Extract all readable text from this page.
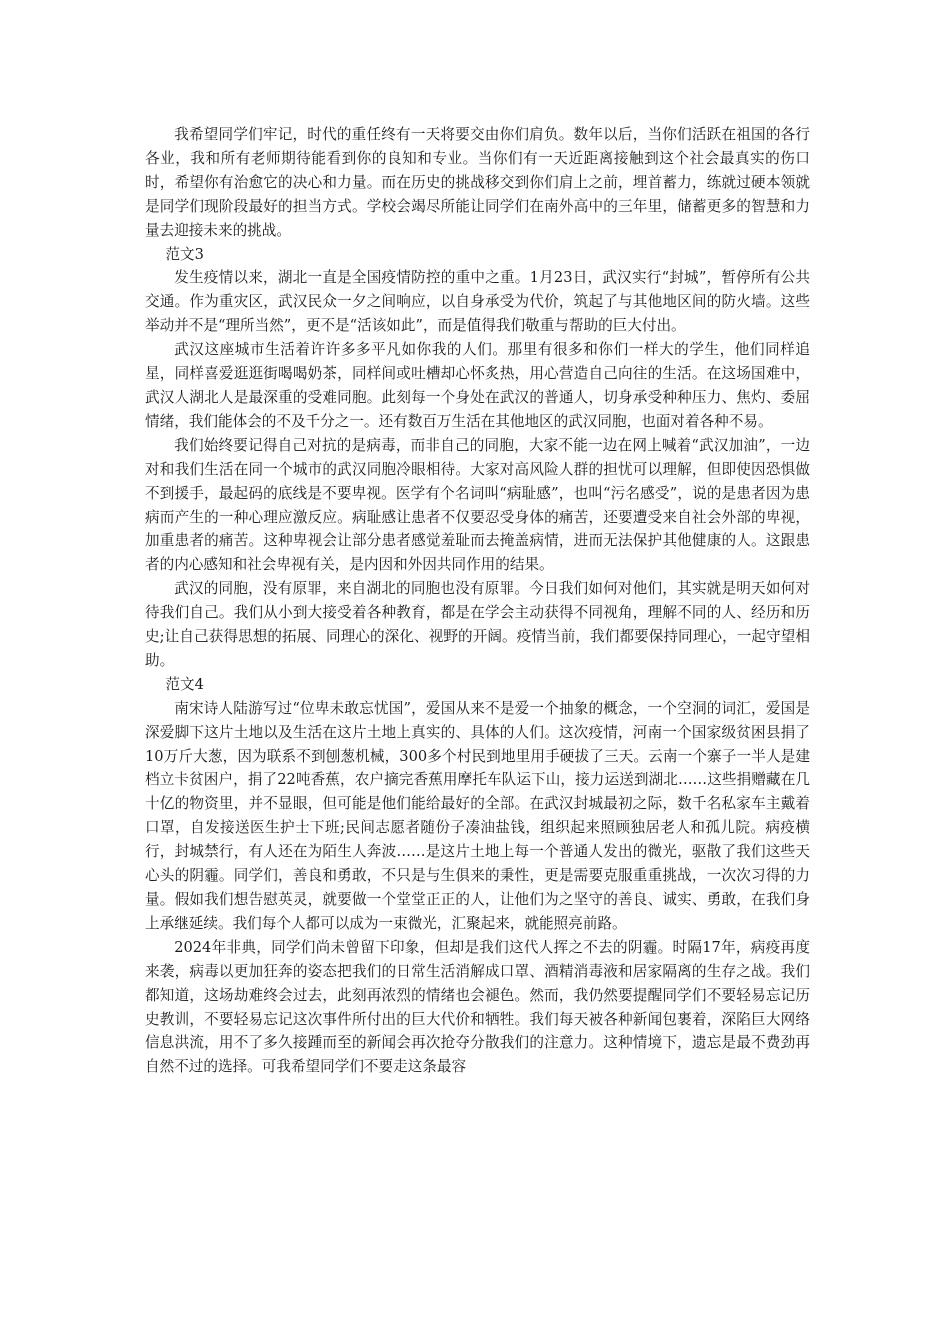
我希望同学们牢记，时代的重任终有一天将要交由你们肩负。数年以后，当你们活跃在祖国的各行各业，我和所有老师期待能看到你的良知和专业。当你们有一天近距离接触到这个社会最真实的伤口时，希望你有治愈它的决心和力量。而在历史的挑战移交到你们肩上之前，埋首蓄力，练就过硬本领就是同学们现阶段最好的担当方式。学校会竭尽所能让同学们在南外高中的三年里，储蓄更多的智慧和力量去迎接未来的挑战。

范文3

发生疫情以来，湖北一直是全国疫情防控的重中之重。1月23日，武汉实行“封城”，暂停所有公共交通。作为重灾区，武汉民众一夕之间响应，以自身承受为代价，筑起了与其他地区间的防火墙。这些举动并不是“理所当然”，更不是“活该如此”，而是值得我们敬重与帮助的巨大付出。

武汉这座城市生活着许许多多平凡如你我的人们。那里有很多和你们一样大的学生，他们同样追星，同样喜爱逛逛街喝喝奶茶，同样间或吐槽却心怀炙热，用心营造自己向往的生活。在这场国难中，武汉人湖北人是最深重的受难同胞。此刻每一个身处在武汉的普通人，切身承受种种压力、焦灼、委屈情绪，我们能体会的不及千分之一。还有数百万生活在其他地区的武汉同胞，也面对着各种不易。

我们始终要记得自己对抗的是病毒，而非自己的同胞，大家不能一边在网上喊着“武汉加油”，一边对和我们生活在同一个城市的武汉同胞冷眼相待。大家对高风险人群的担忧可以理解，但即使因恐惧做不到援手，最起码的底线是不要卑视。医学有个名词叫“病耻感”，也叫“污名感受”，说的是患者因为患病而产生的一种心理应激反应。病耻感让患者不仅要忍受身体的痛苦，还要遭受来自社会外部的卑视，加重患者的痛苦。这种卑视会让部分患者感觉羞耻而去掩盖病情，进而无法保护其他健康的人。这跟患者的内心感知和社会卑视有关，是内因和外因共同作用的结果。

武汉的同胞，没有原罪，来自湖北的同胞也没有原罪。今日我们如何对他们，其实就是明天如何对待我们自己。我们从小到大接受着各种教育，都是在学会主动获得不同视角，理解不同的人、经历和历史;让自己获得思想的拓展、同理心的深化、视野的开阔。疫情当前，我们都要保持同理心，一起守望相助。

范文4

南宋诗人陆游写过“位卑未敢忘忧国”，爱国从来不是爱一个抽象的概念，一个空洞的词汇，爱国是深爱脚下这片土地以及生活在这片土地上真实的、具体的人们。这次疫情，河南一个国家级贫困县捐了10万斤大葱，因为联系不到刨葱机械，300多个村民到地里用手硬拔了三天。云南一个寨子一半人是建档立卡贫困户，捐了22吨香蕉，农户摘完香蕉用摩托车队运下山，接力运送到湖北……这些捐赠藏在几十亿的物资里，并不显眼，但可能是他们能给最好的全部。在武汉封城最初之际，数千名私家车主戴着口罩，自发接送医生护士下班;民间志愿者随份子凑油盐钱，组织起来照顾独居老人和孤儿院。病疫横行，封城禁行，有人还在为陌生人奔波……是这片土地上每一个普通人发出的微光，驱散了我们这些天心头的阴霾。同学们，善良和勇敢，不只是与生俱来的秉性，更是需要克服重重挑战，一次次习得的力量。假如我们想告慰英灵，就要做一个堂堂正正的人，让他们为之坚守的善良、诚实、勇敢，在我们身上承继延续。我们每个人都可以成为一束微光，汇聚起来，就能照亮前路。

2024年非典，同学们尚未曾留下印象，但却是我们这代人挥之不去的阴霾。时隔17年，病疫再度来袭，病毒以更加狂奔的姿态把我们的日常生活消解成口罩、酒精消毒液和居家隔离的生存之战。我们都知道，这场劫难终会过去，此刻再浓烈的情绪也会褪色。然而，我仍然要提醒同学们不要轻易忘记历史教训，不要轻易忘记这次事件所付出的巨大代价和牺牲。我们每天被各种新闻包裹着，深陷巨大网络信息洪流，用不了多久接踵而至的新闻会再次抢夺分散我们的注意力。这种情境下，遗忘是最不费劲再自然不过的选择。可我希望同学们不要走这条最容
